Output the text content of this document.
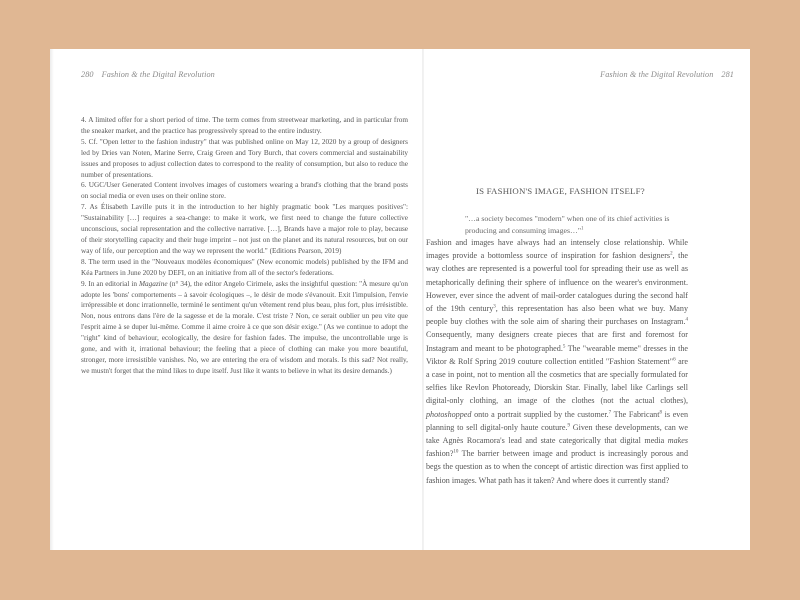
280 Fashion & the Digital Revolution

4. A limited offer for a short period of time. The term comes from streetwear marketing, and in particular from the sneaker market, and the practice has progressively spread to the entire industry.

5. Cf. "Open letter to the fashion industry" that was published online on May 12, 2020 by a group of designers led by Dries van Noten, Marine Serre, Craig Green and Tory Burch, that covers commercial and sustainability issues and proposes to adjust collection dates to correspond to the reality of consumption, but also to reduce the number of presentations.

6. UGC/User Generated Content involves images of customers wearing a brand's clothing that the brand posts on social media or even uses on their online store.

7. As Élisabeth Laville puts it in the introduction to her highly pragmatic book "Les marques positives": "Sustainability […] requires a sea-change: to make it work, we first need to change the future collective unconscious, social representation and the collective narrative. […], Brands have a major role to play, because of their storytelling capacity and their huge imprint – not just on the planet and its natural resources, but on our way of life, our perception and the way we represent the world." (Editions Pearson, 2019)

8. The term used in the "Nouveaux modèles économiques" (New economic models) published by the IFM and Kéa Partners in June 2020 by DEFI, on an initiative from all of the sector's federations.

9. In an editorial in Magazine (n° 34), the editor Angelo Cirimele, asks the insightful question: "À mesure qu'on adopte les 'bons' comportements – à savoir écologiques –, le désir de mode s'évanouit. Exit l'impulsion, l'envie irrépressible et donc irrationnelle, terminé le sentiment qu'un vêtement rend plus beau, plus fort, plus irrésistible. Non, nous entrons dans l'ère de la sagesse et de la morale. C'est triste ? Non, ce serait oublier un peu vite que l'esprit aime à se duper lui-même. Comme il aime croire à ce que son désir exige." (As we continue to adopt the "right" kind of behaviour, ecologically, the desire for fashion fades. The impulse, the uncontrollable urge is gone, and with it, irrational behaviour; the feeling that a piece of clothing can make you more beautiful, stronger, more irresistible vanishes. No, we are entering the era of wisdom and morals. Is this sad? Not really, we mustn't forget that the mind likes to dupe itself. Just like it wants to believe in what its desire demands.)

Fashion & the Digital Revolution 281
IS FASHION'S IMAGE, FASHION ITSELF?
"…a society becomes "modern" when one of its chief activities is producing and consuming images…"$^1$

Fashion and images have always had an intensely close relationship. While images provide a bottomless source of inspiration for fashion designers$^2$, the way clothes are represented is a powerful tool for spreading their use as well as metaphorically defining their sphere of influence on the wearer's environment. However, ever since the advent of mail-order catalogues during the second half of the 19th century$^3$, this representation has also been what we buy. Many people buy clothes with the sole aim of sharing their purchases on Instagram.$^4$ Consequently, many designers create pieces that are first and foremost for Instagram and meant to be photographed.$^5$ The "wearable meme" dresses in the Viktor & Rolf Spring 2019 couture collection entitled "Fashion Statement"$^6$ are a case in point, not to mention all the cosmetics that are specially formulated for selfies like Revlon Photoready, Diorskin Star. Finally, label like Carlings sell digital-only clothing, an image of the clothes (not the actual clothes), photoshopped onto a portrait supplied by the customer.$^7$ The Fabricant$^8$ is even planning to sell digital-only haute couture.$^9$ Given these developments, can we take Agnès Rocamora's lead and state categorically that digital media makes fashion?$^{10}$ The barrier between image and product is increasingly porous and begs the question as to when the concept of artistic direction was first applied to fashion images. What path has it taken? And where does it currently stand?
